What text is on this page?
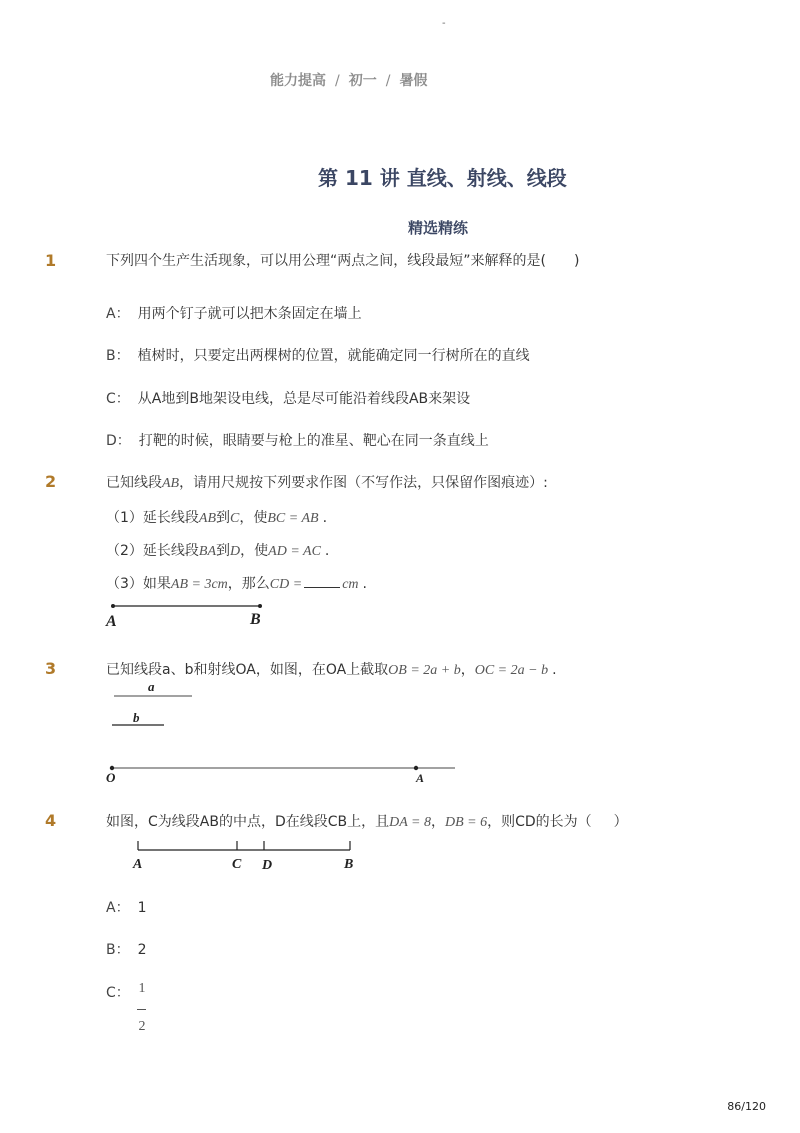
-
能力提高 / 初一 / 暑假
第 11 讲 直线、射线、线段
精选精练
1	下列四个生产生活现象，可以用公理“两点之间，线段最短”来解释的是( )
A： 用两个钉子就可以把木条固定在墙上
B： 植树时，只要定出两棵树的位置，就能确定同一行树所在的直线
C： 从A地到B地架设电线，总是尽可能沿着线段AB来架设
D： 打靶的时候，眼睛要与枪上的准星、靶心在同一条直线上
2	已知线段AB，请用尺规按下列要求作图（不写作法，只保留作图痕迹）:
（1）延长线段AB到C，使BC = AB .
（2）延长线段BA到D，使AD = AC .
（3）如果AB = 3cm，那么CD =	cm .
A	B
3	已知线段a、b和射线OA，如图，在OA上截取OB = 2a + b，OC = 2a − b .
a
b
O	A
4	如图，C为线段AB的中点，D在线段CB上，且DA = 8，DB = 6，则CD的长为（ ）
A	C D	B
A： 1
B： 2
C： 1
2
86/120
